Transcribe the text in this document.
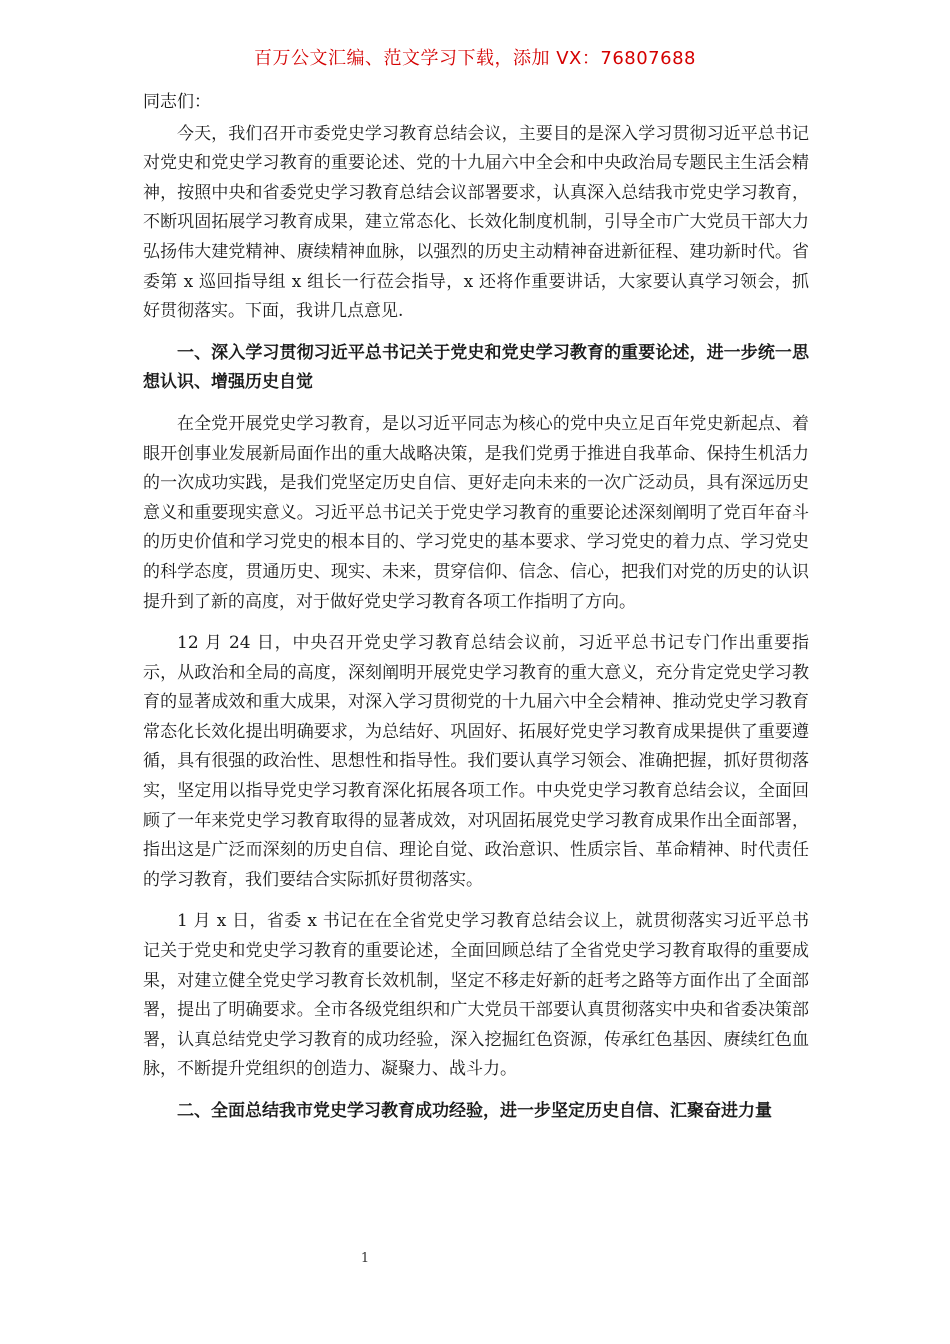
百万公文汇编、范文学习下载，添加 VX：76807688

同志们：

今天，我们召开市委党史学习教育总结会议，主要目的是深入学习贯彻习近平总书记对党史和党史学习教育的重要论述、党的十九届六中全会和中央政治局专题民主生活会精神，按照中央和省委党史学习教育总结会议部署要求，认真深入总结我市党史学习教育，不断巩固拓展学习教育成果，建立常态化、长效化制度机制，引导全市广大党员干部大力弘扬伟大建党精神、赓续精神血脉，以强烈的历史主动精神奋进新征程、建功新时代。省委第 x 巡回指导组 x 组长一行莅会指导，x 还将作重要讲话，大家要认真学习领会，抓好贯彻落实。下面，我讲几点意见.

一、深入学习贯彻习近平总书记关于党史和党史学习教育的重要论述，进一步统一思想认识、增强历史自觉

在全党开展党史学习教育，是以习近平同志为核心的党中央立足百年党史新起点、着眼开创事业发展新局面作出的重大战略决策，是我们党勇于推进自我革命、保持生机活力的一次成功实践，是我们党坚定历史自信、更好走向未来的一次广泛动员，具有深远历史意义和重要现实意义。习近平总书记关于党史学习教育的重要论述深刻阐明了党百年奋斗的历史价值和学习党史的根本目的、学习党史的基本要求、学习党史的着力点、学习党史的科学态度，贯通历史、现实、未来，贯穿信仰、信念、信心，把我们对党的历史的认识提升到了新的高度，对于做好党史学习教育各项工作指明了方向。

12 月 24 日，中央召开党史学习教育总结会议前，习近平总书记专门作出重要指示，从政治和全局的高度，深刻阐明开展党史学习教育的重大意义，充分肯定党史学习教育的显著成效和重大成果，对深入学习贯彻党的十九届六中全会精神、推动党史学习教育常态化长效化提出明确要求，为总结好、巩固好、拓展好党史学习教育成果提供了重要遵循，具有很强的政治性、思想性和指导性。我们要认真学习领会、准确把握，抓好贯彻落实，坚定用以指导党史学习教育深化拓展各项工作。中央党史学习教育总结会议，全面回顾了一年来党史学习教育取得的显著成效，对巩固拓展党史学习教育成果作出全面部署，指出这是广泛而深刻的历史自信、理论自觉、政治意识、性质宗旨、革命精神、时代责任的学习教育，我们要结合实际抓好贯彻落实。

1 月 x 日，省委 x 书记在在全省党史学习教育总结会议上，就贯彻落实习近平总书记关于党史和党史学习教育的重要论述，全面回顾总结了全省党史学习教育取得的重要成果，对建立健全党史学习教育长效机制，坚定不移走好新的赶考之路等方面作出了全面部署，提出了明确要求。全市各级党组织和广大党员干部要认真贯彻落实中央和省委决策部署，认真总结党史学习教育的成功经验，深入挖掘红色资源，传承红色基因、赓续红色血脉，不断提升党组织的创造力、凝聚力、战斗力。

二、全面总结我市党史学习教育成功经验，进一步坚定历史自信、汇聚奋进力量

1
